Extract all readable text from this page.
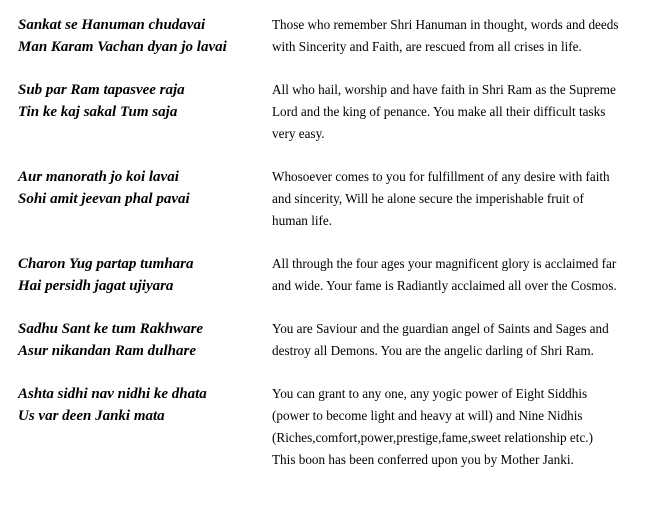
Sankat se Hanuman chudavai
Man Karam Vachan dyan jo lavai
Those who remember Shri Hanuman in thought, words and deeds
with Sincerity and Faith, are rescued from all crises in life.
Sub par Ram tapasvee raja
Tin ke kaj sakal Tum saja
All who hail, worship and have faith in Shri Ram as the Supreme
Lord and the king of penance. You make all their difficult tasks
very easy.
Aur manorath jo koi lavai
Sohi amit jeevan phal pavai
Whosoever comes to you for fulfillment of any desire with faith
and sincerity, Will he alone secure the imperishable fruit of
human life.
Charon Yug partap tumhara
Hai persidh jagat ujiyara
All through the four ages your magnificent glory is acclaimed far
and wide. Your fame is Radiantly acclaimed all over the Cosmos.
Sadhu Sant ke tum Rakhware
Asur nikandan Ram dulhare
You are Saviour and the guardian angel of Saints and Sages and
destroy all Demons. You are the angelic darling of Shri Ram.
Ashta sidhi nav nidhi ke dhata
Us var deen Janki mata
You can grant to any one, any yogic power of Eight Siddhis
(power to become light and heavy at will) and Nine Nidhis
(Riches,comfort,power,prestige,fame,sweet relationship etc.)
This boon has been conferred upon you by Mother Janki.
